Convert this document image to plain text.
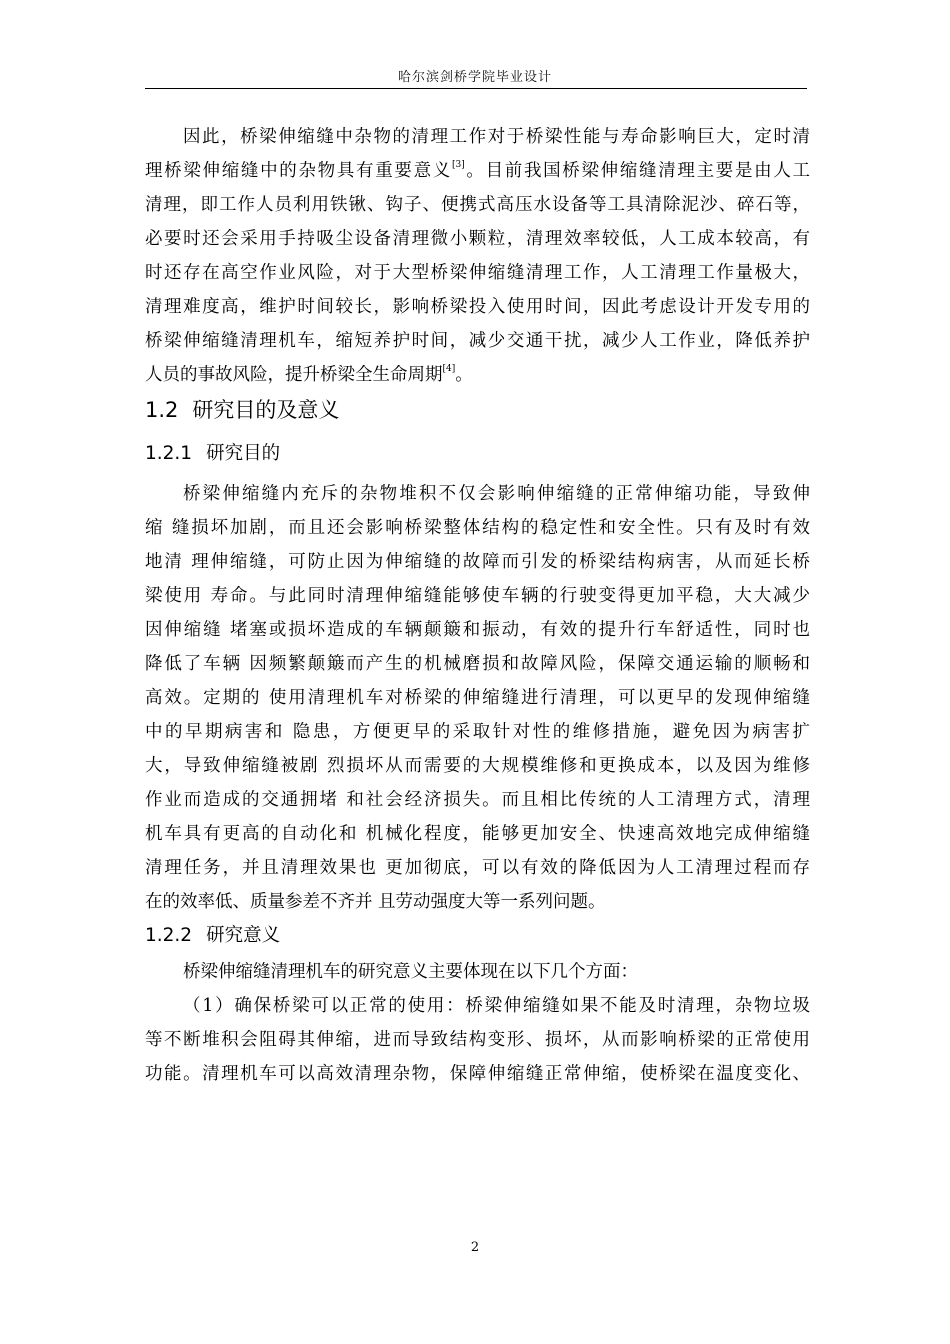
哈尔滨剑桥学院毕业设计
因此，桥梁伸缩缝中杂物的清理工作对于桥梁性能与寿命影响巨大，定时清
理桥梁伸缩缝中的杂物具有重要意义[3]。目前我国桥梁伸缩缝清理主要是由人工
清理，即工作人员利用铁锹、钩子、便携式高压水设备等工具清除泥沙、碎石等，
必要时还会采用手持吸尘设备清理微小颗粒，清理效率较低，人工成本较高，有
时还存在高空作业风险，对于大型桥梁伸缩缝清理工作，人工清理工作量极大，
清理难度高，维护时间较长，影响桥梁投入使用时间，因此考虑设计开发专用的
桥梁伸缩缝清理机车，缩短养护时间，减少交通干扰，减少人工作业，降低养护
人员的事故风险，提升桥梁全生命周期[4]。
1.2 研究目的及意义
1.2.1 研究目的
桥梁伸缩缝内充斥的杂物堆积不仅会影响伸缩缝的正常伸缩功能，导致伸
缩 缝损坏加剧，而且还会影响桥梁整体结构的稳定性和安全性。只有及时有效
地清 理伸缩缝，可防止因为伸缩缝的故障而引发的桥梁结构病害，从而延长桥
梁使用 寿命。与此同时清理伸缩缝能够使车辆的行驶变得更加平稳，大大减少
因伸缩缝 堵塞或损坏造成的车辆颠簸和振动，有效的提升行车舒适性，同时也
降低了车辆 因频繁颠簸而产生的机械磨损和故障风险，保障交通运输的顺畅和
高效。定期的 使用清理机车对桥梁的伸缩缝进行清理，可以更早的发现伸缩缝
中的早期病害和 隐患，方便更早的采取针对性的维修措施，避免因为病害扩
大，导致伸缩缝被剧 烈损坏从而需要的大规模维修和更换成本，以及因为维修
作业而造成的交通拥堵 和社会经济损失。而且相比传统的人工清理方式，清理
机车具有更高的自动化和 机械化程度，能够更加安全、快速高效地完成伸缩缝
清理任务，并且清理效果也 更加彻底，可以有效的降低因为人工清理过程而存
在的效率低、质量参差不齐并 且劳动强度大等一系列问题。
1.2.2 研究意义
桥梁伸缩缝清理机车的研究意义主要体现在以下几个方面：
（1）确保桥梁可以正常的使用：桥梁伸缩缝如果不能及时清理，杂物垃圾
等不断堆积会阻碍其伸缩，进而导致结构变形、损坏，从而影响桥梁的正常使用
功能。清理机车可以高效清理杂物，保障伸缩缝正常伸缩，使桥梁在温度变化、
2
